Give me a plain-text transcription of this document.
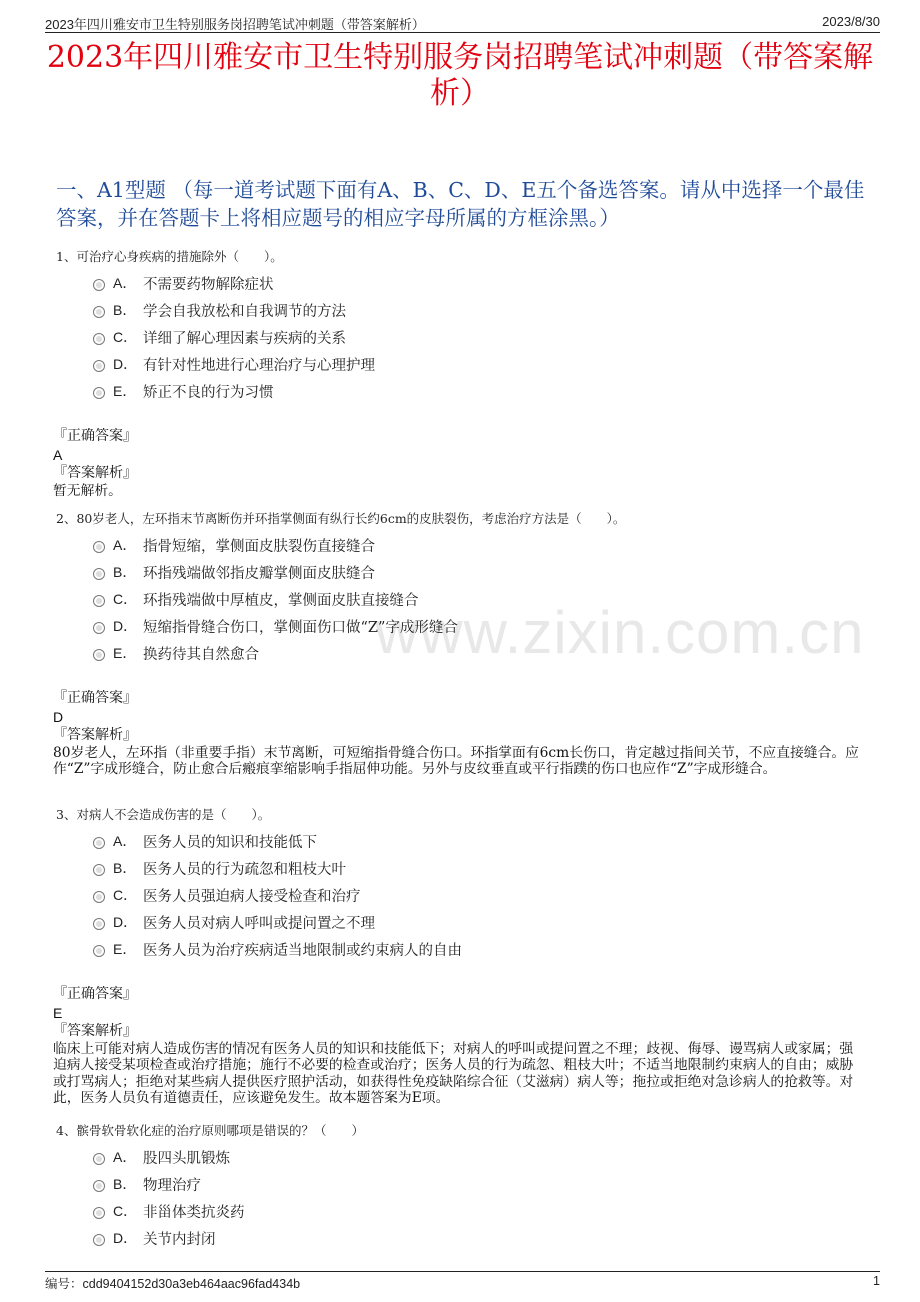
2023年四川雅安市卫生特别服务岗招聘笔试冲刺题（带答案解析）	2023/8/30
2023年四川雅安市卫生特别服务岗招聘笔试冲刺题（带答案解析）
一、A1型题 （每一道考试题下面有A、B、C、D、E五个备选答案。请从中选择一个最佳答案，并在答题卡上将相应题号的相应字母所属的方框涂黑。）
www.zixin.com.cn
1、可治疗心身疾病的措施除外（　　）。
A． 不需要药物解除症状
B． 学会自我放松和自我调节的方法
C． 详细了解心理因素与疾病的关系
D． 有针对性地进行心理治疗与心理护理
E． 矫正不良的行为习惯
『正确答案』
A
『答案解析』
暂无解析。
2、80岁老人，左环指末节离断伤并环指掌侧面有纵行长约6cm的皮肤裂伤，考虑治疗方法是（　　）。
A． 指骨短缩，掌侧面皮肤裂伤直接缝合
B． 环指残端做邻指皮瓣掌侧面皮肤缝合
C． 环指残端做中厚植皮，掌侧面皮肤直接缝合
D． 短缩指骨缝合伤口，掌侧面伤口做“Z”字成形缝合
E． 换药待其自然愈合
『正确答案』
D
『答案解析』
80岁老人，左环指（非重要手指）末节离断，可短缩指骨缝合伤口。环指掌面有6cm长伤口，肯定越过指间关节，不应直接缝合。应作“Z”字成形缝合，防止愈合后瘢痕挛缩影响手指屈伸功能。另外与皮纹垂直或平行指蹼的伤口也应作“Z”字成形缝合。
3、对病人不会造成伤害的是（　　）。
A． 医务人员的知识和技能低下
B． 医务人员的行为疏忽和粗枝大叶
C． 医务人员强迫病人接受检查和治疗
D． 医务人员对病人呼叫或提问置之不理
E． 医务人员为治疗疾病适当地限制或约束病人的自由
『正确答案』
E
『答案解析』
临床上可能对病人造成伤害的情况有医务人员的知识和技能低下；对病人的呼叫或提问置之不理；歧视、侮辱、谩骂病人或家属；强迫病人接受某项检查或治疗措施；施行不必要的检查或治疗；医务人员的行为疏忽、粗枝大叶；不适当地限制约束病人的自由；威胁或打骂病人；拒绝对某些病人提供医疗照护活动，如获得性免疫缺陷综合征（艾滋病）病人等；拖拉或拒绝对急诊病人的抢救等。对此，医务人员负有道德责任，应该避免发生。故本题答案为E项。
4、髌骨软骨软化症的治疗原则哪项是错误的？（　　）
A． 股四头肌锻炼
B． 物理治疗
C． 非甾体类抗炎药
D． 关节内封闭
编号：cdd9404152d30a3eb464aac96fad434b	1
